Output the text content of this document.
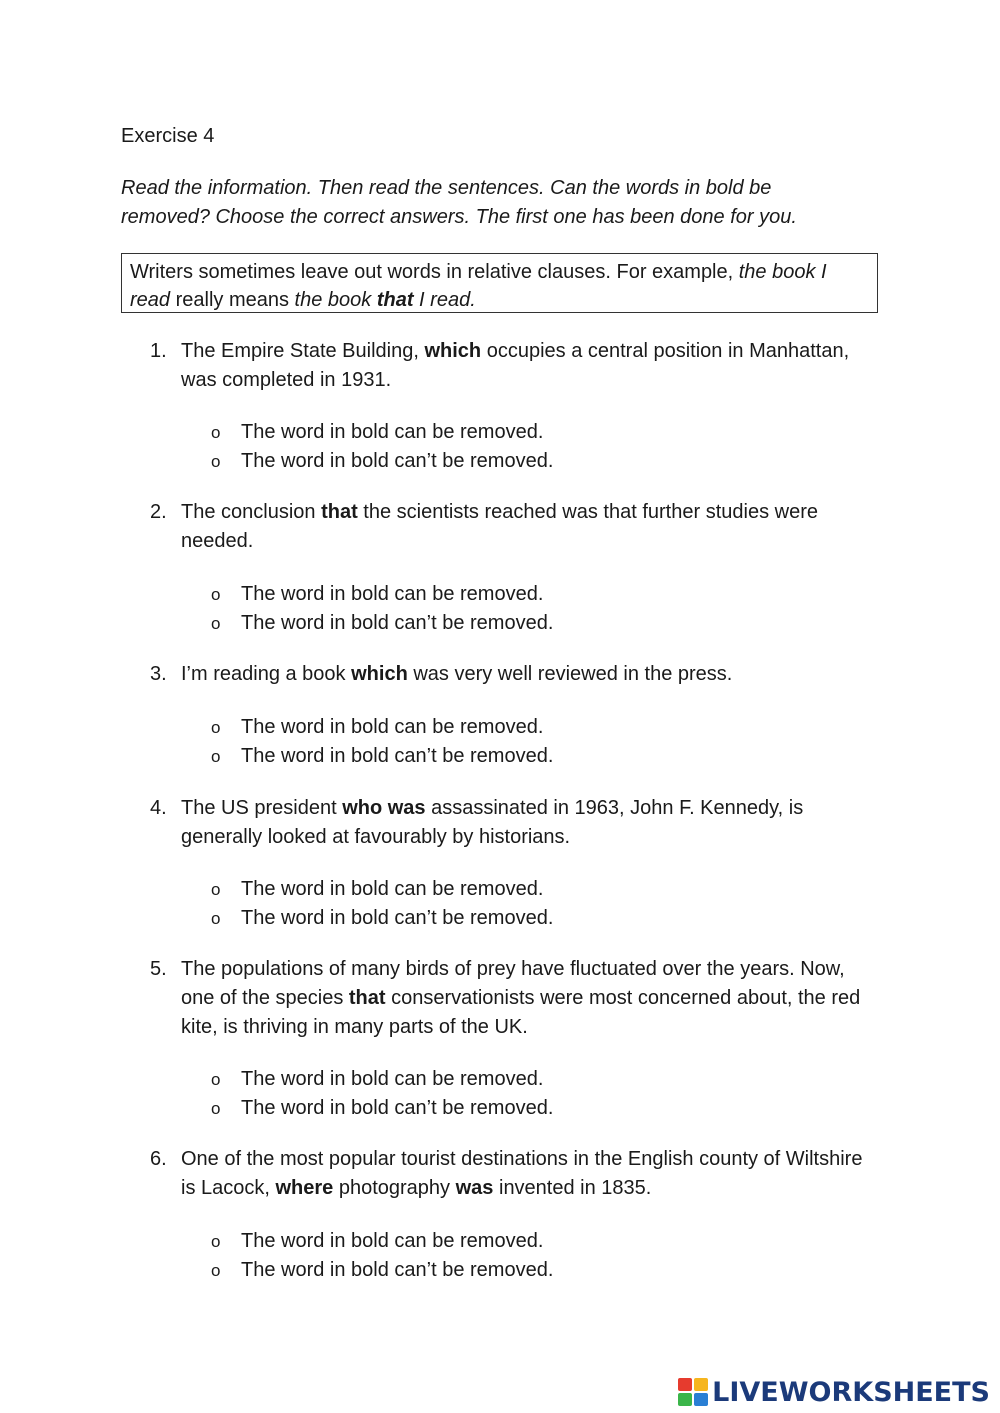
Exercise 4
Read the information. Then read the sentences. Can the words in bold be removed? Choose the correct answers. The first one has been done for you.
Writers sometimes leave out words in relative clauses. For example, the book I read really means the book that I read.
1. The Empire State Building, which occupies a central position in Manhattan, was completed in 1931.
o	The word in bold can be removed.
o	The word in bold can’t be removed.
2. The conclusion that the scientists reached was that further studies were needed.
o	The word in bold can be removed.
o	The word in bold can’t be removed.
3. I’m reading a book which was very well reviewed in the press.
o	The word in bold can be removed.
o	The word in bold can’t be removed.
4. The US president who was assassinated in 1963, John F. Kennedy, is generally looked at favourably by historians.
o	The word in bold can be removed.
o	The word in bold can’t be removed.
5. The populations of many birds of prey have fluctuated over the years. Now, one of the species that conservationists were most concerned about, the red kite, is thriving in many parts of the UK.
o	The word in bold can be removed.
o	The word in bold can’t be removed.
6. One of the most popular tourist destinations in the English county of Wiltshire is Lacock, where photography was invented in 1835.
o	The word in bold can be removed.
o	The word in bold can’t be removed.
LIVEWORKSHEETS
